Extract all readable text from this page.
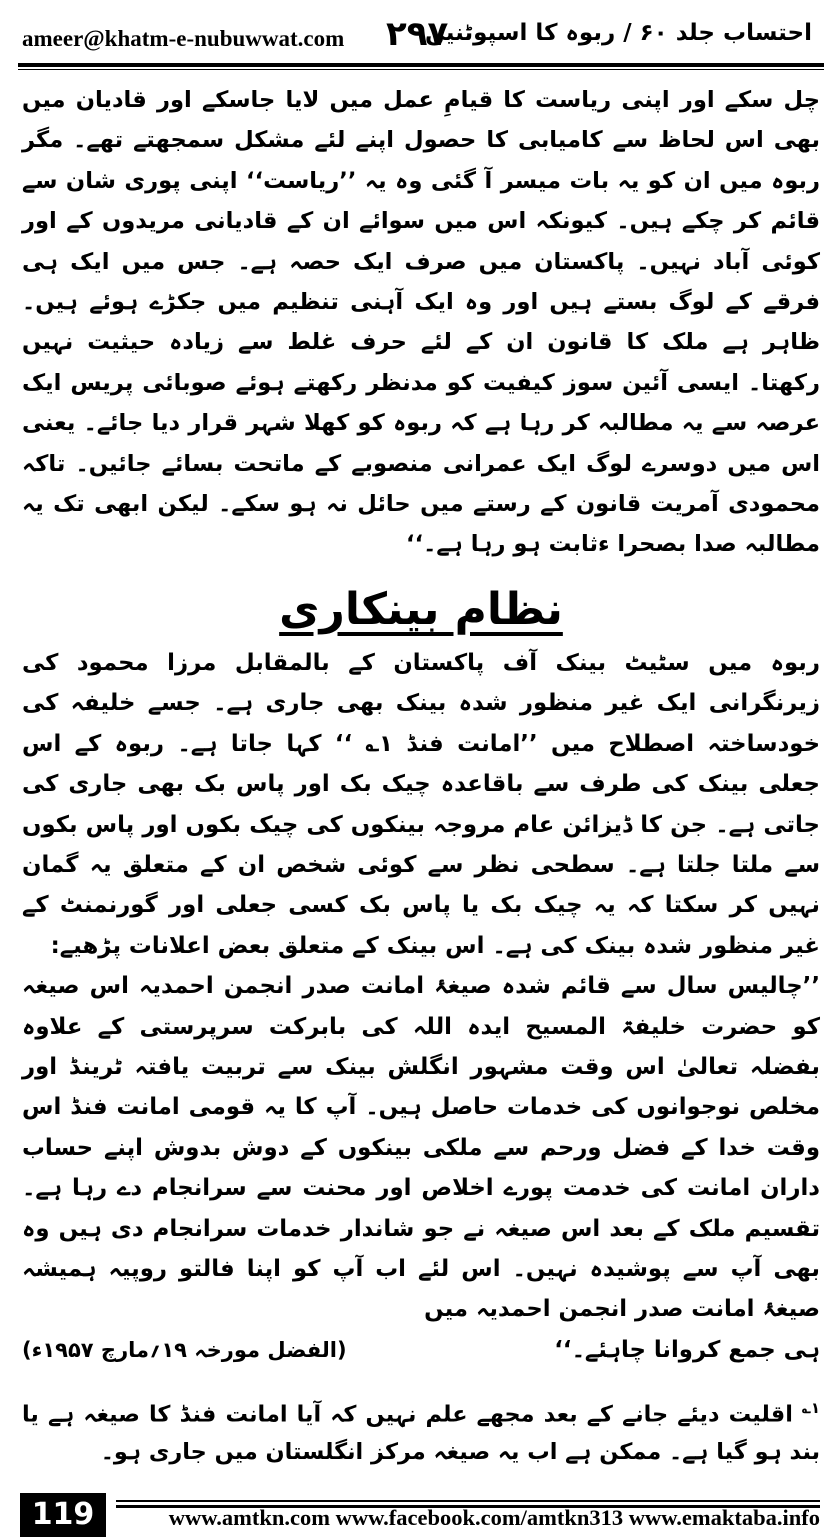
ameer@khatm-e-nubuwwat.com ۲۹۷
احتساب جلد ۶۰ / ربوہ کا اسپوٹنین

چل سکے اور اپنی ریاست کا قیامِ عمل میں لایا جاسکے اور قادیان میں بھی اس لحاظ سے کامیابی کا حصول اپنے لئے مشکل سمجھتے تھے۔ مگر ربوہ میں ان کو یہ بات میسر آ گئی وہ یہ ’’ریاست‘‘ اپنی پوری شان سے قائم کر چکے ہیں۔ کیونکہ اس میں سوائے ان کے قادیانی مریدوں کے اور کوئی آباد نہیں۔ پاکستان میں صرف ایک حصہ ہے۔ جس میں ایک ہی فرقے کے لوگ بستے ہیں اور وہ ایک آہنی تنظیم میں جکڑے ہوئے ہیں۔ ظاہر ہے ملک کا قانون ان کے لئے حرف غلط سے زیادہ حیثیت نہیں رکھتا۔ ایسی آئین سوز کیفیت کو مدنظر رکھتے ہوئے صوبائی پریس ایک عرصہ سے یہ مطالبہ کر رہا ہے کہ ربوہ کو کھلا شہر قرار دیا جائے۔ یعنی اس میں دوسرے لوگ ایک عمرانی منصوبے کے ماتحت بسائے جائیں۔ تاکہ محمودی آمریت قانون کے رستے میں حائل نہ ہو سکے۔ لیکن ابھی تک یہ مطالبہ صدا بصحرا ءثابت ہو رہا ہے۔‘‘

نظام بینکاری

ربوہ میں سٹیٹ بینک آف پاکستان کے بالمقابل مرزا محمود کی زیرنگرانی ایک غیر منظور شدہ بینک بھی جاری ہے۔ جسے خلیفہ کی خودساختہ اصطلاح میں ’’امانت فنڈ ۱؎ ‘‘ کہا جاتا ہے۔ ربوہ کے اس جعلی بینک کی طرف سے باقاعدہ چیک بک اور پاس بک بھی جاری کی جاتی ہے۔ جن کا ڈیزائن عام مروجہ بینکوں کی چیک بکوں اور پاس بکوں سے ملتا جلتا ہے۔ سطحی نظر سے کوئی شخص ان کے متعلق یہ گمان نہیں کر سکتا کہ یہ چیک بک یا پاس بک کسی جعلی اور گورنمنٹ کے غیر منظور شدہ بینک کی ہے۔ اس بینک کے متعلق بعض اعلانات پڑھیے:

’’چالیس سال سے قائم شدہ صیغۂ امانت صدر انجمن احمدیہ اس صیغہ کو حضرت خلیفۃ المسیح ایدہ اللہ کی بابرکت سرپرستی کے علاوہ بفضلہ تعالیٰ اس وقت مشہور انگلش بینک سے تربیت یافتہ ٹرینڈ اور مخلص نوجوانوں کی خدمات حاصل ہیں۔ آپ کا یہ قومی امانت فنڈ اس وقت خدا کے فضل ورحم سے ملکی بینکوں کے دوش بدوش اپنے حساب داران امانت کی خدمت پورے اخلاص اور محنت سے سرانجام دے رہا ہے۔ تقسیم ملک کے بعد اس صیغہ نے جو شاندار خدمات سرانجام دی ہیں وہ بھی آپ سے پوشیدہ نہیں۔ اس لئے اب آپ کو اپنا فالتو روپیہ ہمیشہ صیغۂ امانت صدر انجمن احمدیہ میں

ہی جمع کروانا چاہئے۔‘‘
(الفضل مورخہ ۱۹؍مارچ ۱۹۵۷ء)

$^{۱؎}$ اقلیت دیئے جانے کے بعد مجھے علم نہیں کہ آیا امانت فنڈ کا صیغہ ہے یا بند ہو گیا ہے۔ ممکن ہے اب یہ صیغہ مرکز انگلستان میں جاری ہو۔

119	www.amtkn.com www.facebook.com/amtkn313 www.emaktaba.info
